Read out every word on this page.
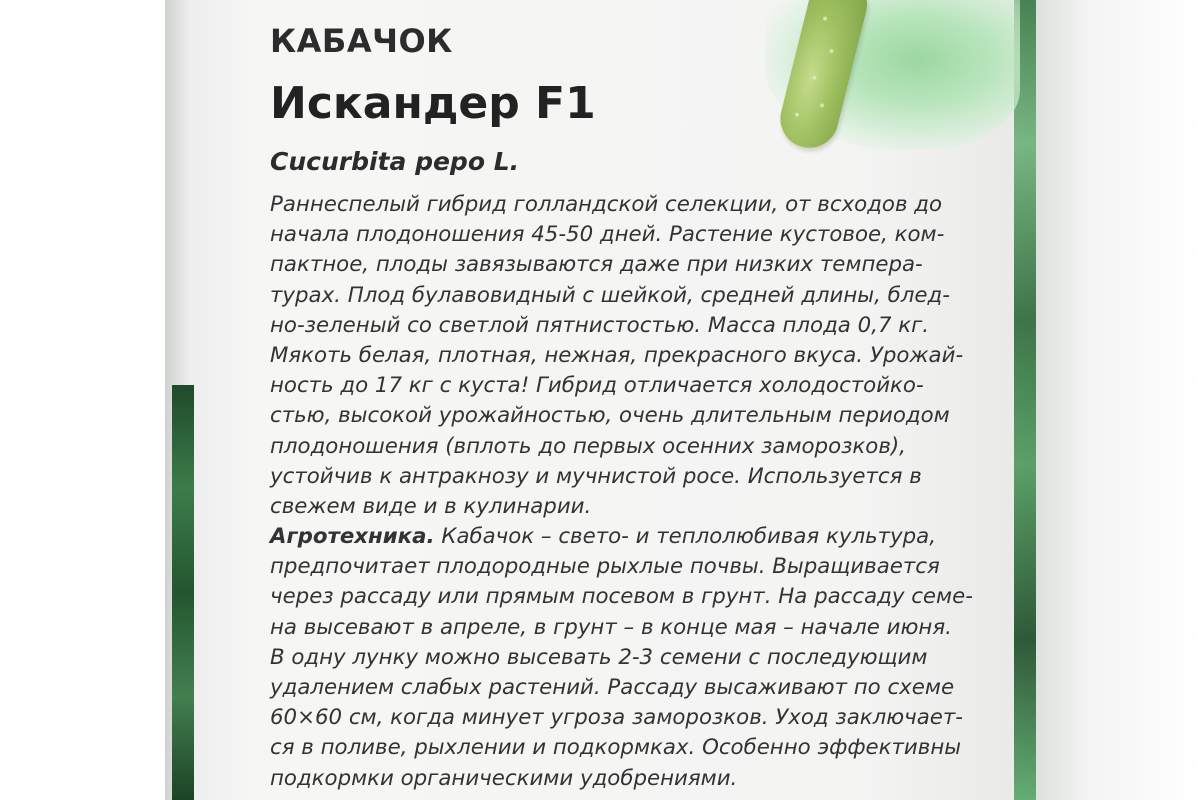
КАБАЧОК
Искандер F1
Cucurbita pepo L.
Раннеспелый гибрид голландской селекции, от всходов до
начала плодоношения 45-50 дней. Растение кустовое, ком-
пактное, плоды завязываются даже при низких темпера-
турах. Плод булавовидный с шейкой, средней длины, блед-
но-зеленый со светлой пятнистостью. Масса плода 0,7 кг.
Мякоть белая, плотная, нежная, прекрасного вкуса. Урожай-
ность до 17 кг с куста! Гибрид отличается холодостойко-
стью, высокой урожайностью, очень длительным периодом
плодоношения (вплоть до первых осенних заморозков),
устойчив к антракнозу и мучнистой росе. Используется в
свежем виде и в кулинарии.
Агротехника. Кабачок – свето- и теплолюбивая культура,
предпочитает плодородные рыхлые почвы. Выращивается
через рассаду или прямым посевом в грунт. На рассаду семе-
на высевают в апреле, в грунт – в конце мая – начале июня.
В одну лунку можно высевать 2-3 семени с последующим
удалением слабых растений. Рассаду высаживают по схеме
60×60 см, когда минует угроза заморозков. Уход заключает-
ся в поливе, рыхлении и подкормках. Особенно эффективны
подкормки органическими удобрениями.
